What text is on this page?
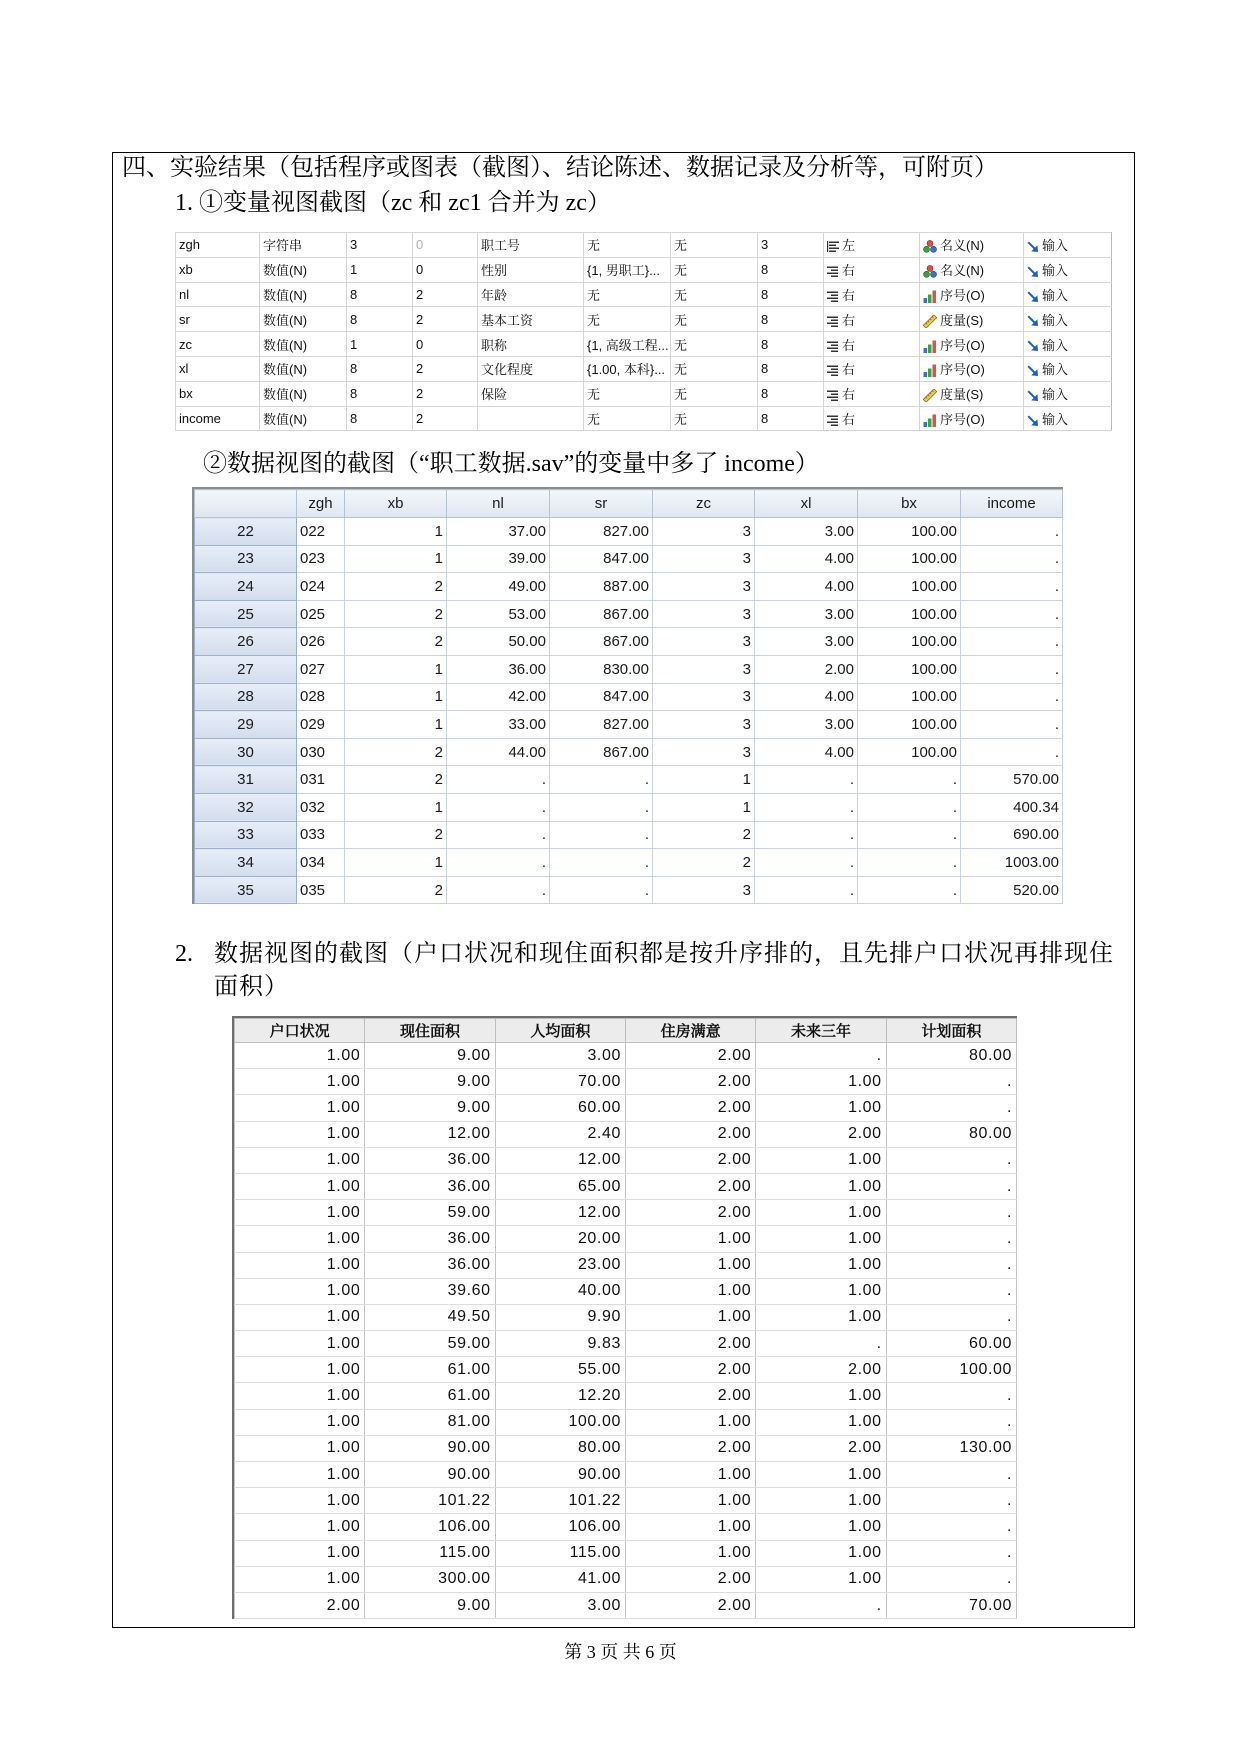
四、实验结果（包括程序或图表（截图）、结论陈述、数据记录及分析等，可附页）
1. ①变量视图截图（zc 和 zc1 合并为 zc）
zgh	字符串	3	0	职工号	无	无	3	左	名义(N)	输入
xb	数值(N)	1	0	性别	{1, 男职工}...	无	8	右	名义(N)	输入
nl	数值(N)	8	2	年龄	无	无	8	右	序号(O)	输入
sr	数值(N)	8	2	基本工资	无	无	8	右	度量(S)	输入
zc	数值(N)	1	0	职称	{1, 高级工程...	无	8	右	序号(O)	输入
xl	数值(N)	8	2	文化程度	{1.00, 本科}...	无	8	右	序号(O)	输入
bx	数值(N)	8	2	保险	无	无	8	右	度量(S)	输入
income	数值(N)	8	2		无	无	8	右	序号(O)	输入
②数据视图的截图（“职工数据.sav”的变量中多了 income）
	zgh	xb	nl	sr	zc	xl	bx	income
22	022	1	37.00	827.00	3	3.00	100.00	.
23	023	1	39.00	847.00	3	4.00	100.00	.
24	024	2	49.00	887.00	3	4.00	100.00	.
25	025	2	53.00	867.00	3	3.00	100.00	.
26	026	2	50.00	867.00	3	3.00	100.00	.
27	027	1	36.00	830.00	3	2.00	100.00	.
28	028	1	42.00	847.00	3	4.00	100.00	.
29	029	1	33.00	827.00	3	3.00	100.00	.
30	030	2	44.00	867.00	3	4.00	100.00	.
31	031	2	.	.	1	.	.	570.00
32	032	1	.	.	1	.	.	400.34
33	033	2	.	.	2	.	.	690.00
34	034	1	.	.	2	.	.	1003.00
35	035	2	.	.	3	.	.	520.00
2. 数据视图的截图（户口状况和现住面积都是按升序排的，且先排户口状况再排现住
面积）
户口状况	现住面积	人均面积	住房满意	未来三年	计划面积
1.00	9.00	3.00	2.00	.	80.00
1.00	9.00	70.00	2.00	1.00	.
1.00	9.00	60.00	2.00	1.00	.
1.00	12.00	2.40	2.00	2.00	80.00
1.00	36.00	12.00	2.00	1.00	.
1.00	36.00	65.00	2.00	1.00	.
1.00	59.00	12.00	2.00	1.00	.
1.00	36.00	20.00	1.00	1.00	.
1.00	36.00	23.00	1.00	1.00	.
1.00	39.60	40.00	1.00	1.00	.
1.00	49.50	9.90	1.00	1.00	.
1.00	59.00	9.83	2.00	.	60.00
1.00	61.00	55.00	2.00	2.00	100.00
1.00	61.00	12.20	2.00	1.00	.
1.00	81.00	100.00	1.00	1.00	.
1.00	90.00	80.00	2.00	2.00	130.00
1.00	90.00	90.00	1.00	1.00	.
1.00	101.22	101.22	1.00	1.00	.
1.00	106.00	106.00	1.00	1.00	.
1.00	115.00	115.00	1.00	1.00	.
1.00	300.00	41.00	2.00	1.00	.
2.00	9.00	3.00	2.00	.	70.00
第 3 页 共 6 页
